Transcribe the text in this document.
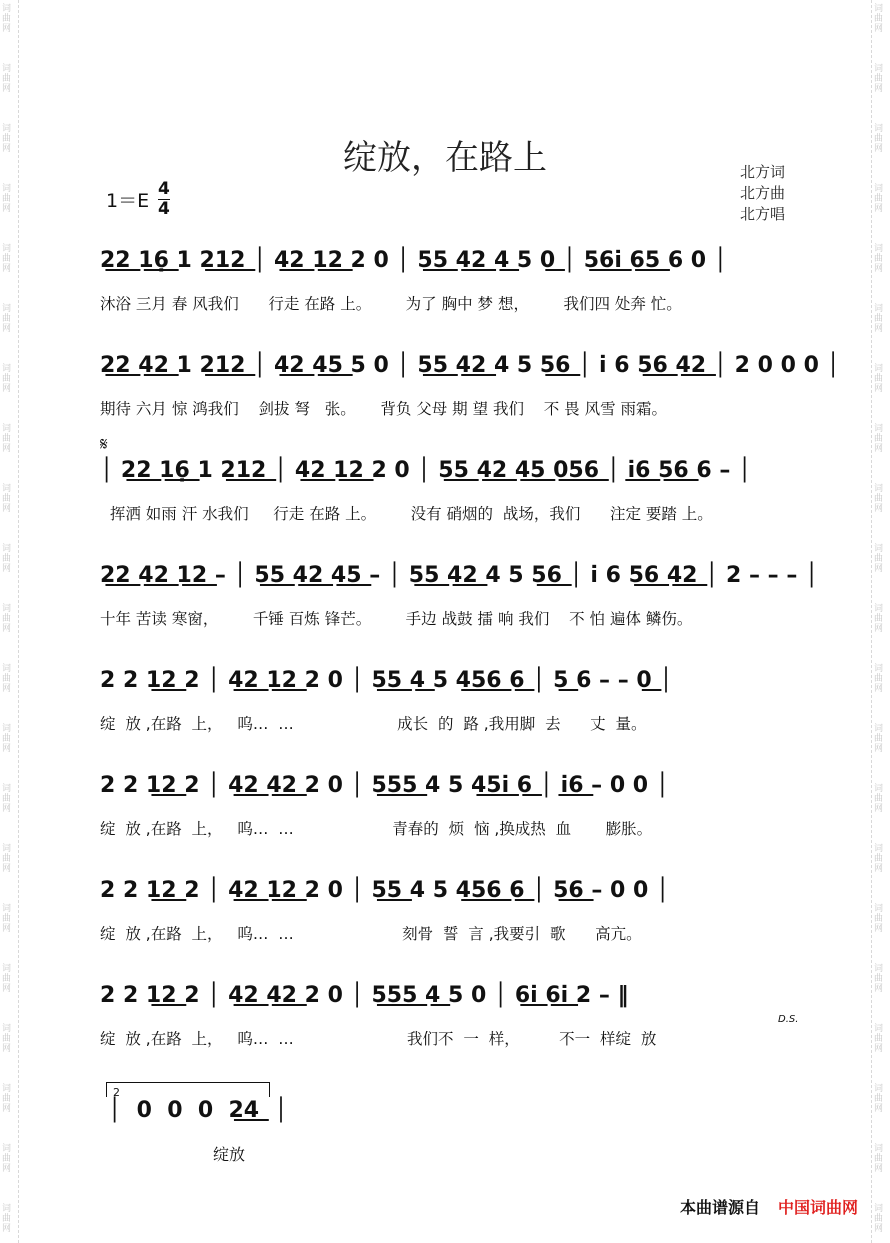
词曲网
词曲网
词曲网
词曲网
词曲网
词曲网
词曲网
词曲网
词曲网
词曲网
词曲网
词曲网
词曲网
词曲网
词曲网
词曲网
词曲网
词曲网
词曲网
词曲网
词曲网
词曲网
词曲网
词曲网
词曲网
词曲网
词曲网
词曲网
词曲网
词曲网
词曲网
词曲网
词曲网
词曲网
词曲网
词曲网
词曲网
词曲网
词曲网
词曲网
词曲网
词曲网
绽放，在路上
1＝E
4
4
北方词
北方曲
北方唱
𝄋
2͟2͟ 1͟6̣͟ 1 2͟1͟2͟ │ 4͟2͟ 1͟2͟ 2 0 │ 5͟5͟ 4͟2͟ 4͟ 5 0͟ │ 5͟6͟i̇͟ 6͟5͟ 6 0 │
沐浴 三月 春 风我们      行走 在路 上。       为了 胸中 梦 想，       我们四 处奔 忙。
2͟2͟ 4͟2͟ 1 2͟1͟2͟ │ 4͟2͟ 4͟5͟ 5 0 │ 5͟5͟ 4͟2͟ 4 5 5͟6͟ │ i̇ 6 5͟6͟ 4͟2͟ │ 2 0 0 0 │
期待 六月 惊 鸿我们    剑拔 弩   张。     背负 父母 期 望 我们    不 畏 风雪 雨霜。
│ 2͟2͟ 1͟6̣͟ 1 2͟1͟2͟ │ 4͟2͟ 1͟2͟ 2 0 │ 5͟5͟ 4͟2͟ 4͟5͟ 0͟5͟6͟ │ i̇͟6͟ 5͟6͟ 6 – │
挥洒 如雨 汗 水我们     行走 在路 上。       没有 硝烟的  战场，我们      注定 要踏 上。
2͟2͟ 4͟2͟ 1͟2͟ – │ 5͟5͟ 4͟2͟ 4͟5͟ – │ 5͟5͟ 4͟2͟ 4 5 5͟6͟ │ i̇ 6 5͟6͟ 4͟2͟ │ 2 – – – │
十年 苦读 寒窗，       千锤 百炼 锋芒。       手边 战鼓 擂 响 我们    不 怕 遍体 鳞伤。
2 2 1͟2͟ 2 │ 4͟2͟ 1͟2͟ 2 0 │ 5͟5͟ 4͟ 5 4͟5͟6͟ 6͟ │ 5͟ 6 – – 0͟ │
绽  放 ,在路  上，   呜…  …                     成长  的  路 ,我用脚  去      丈  量。
2 2 1͟2͟ 2 │ 4͟2͟ 4͟2͟ 2 0 │ 5͟5͟5͟ 4 5 4͟5͟i̇͟ 6͟ │ i̇͟6͟ – 0 0 │
绽  放 ,在路  上，   呜…  …                    青春的  烦  恼 ,换成热  血       膨胀。
2 2 1͟2͟ 2 │ 4͟2͟ 1͟2͟ 2 0 │ 5͟5͟ 4 5 4͟5͟6͟ 6͟ │ 5͟6͟ – 0 0 │
绽  放 ,在路  上，   呜…  …                      刻骨  誓  言 ,我要引  歌      高亢。
2 2 1͟2͟ 2 │ 4͟2͟ 4͟2͟ 2 0 │ 5͟5͟5͟ 4͟ 5 0 │ 6͟i̇͟ 6͟i̇͟ 2 – ‖
绽  放 ,在路  上，   呜…  …                       我们不  一  样，        不一  样绽  放
D.S.
2
│  0  0  0  2͟4͟  │
绽放
本曲谱源自 中国词曲网
